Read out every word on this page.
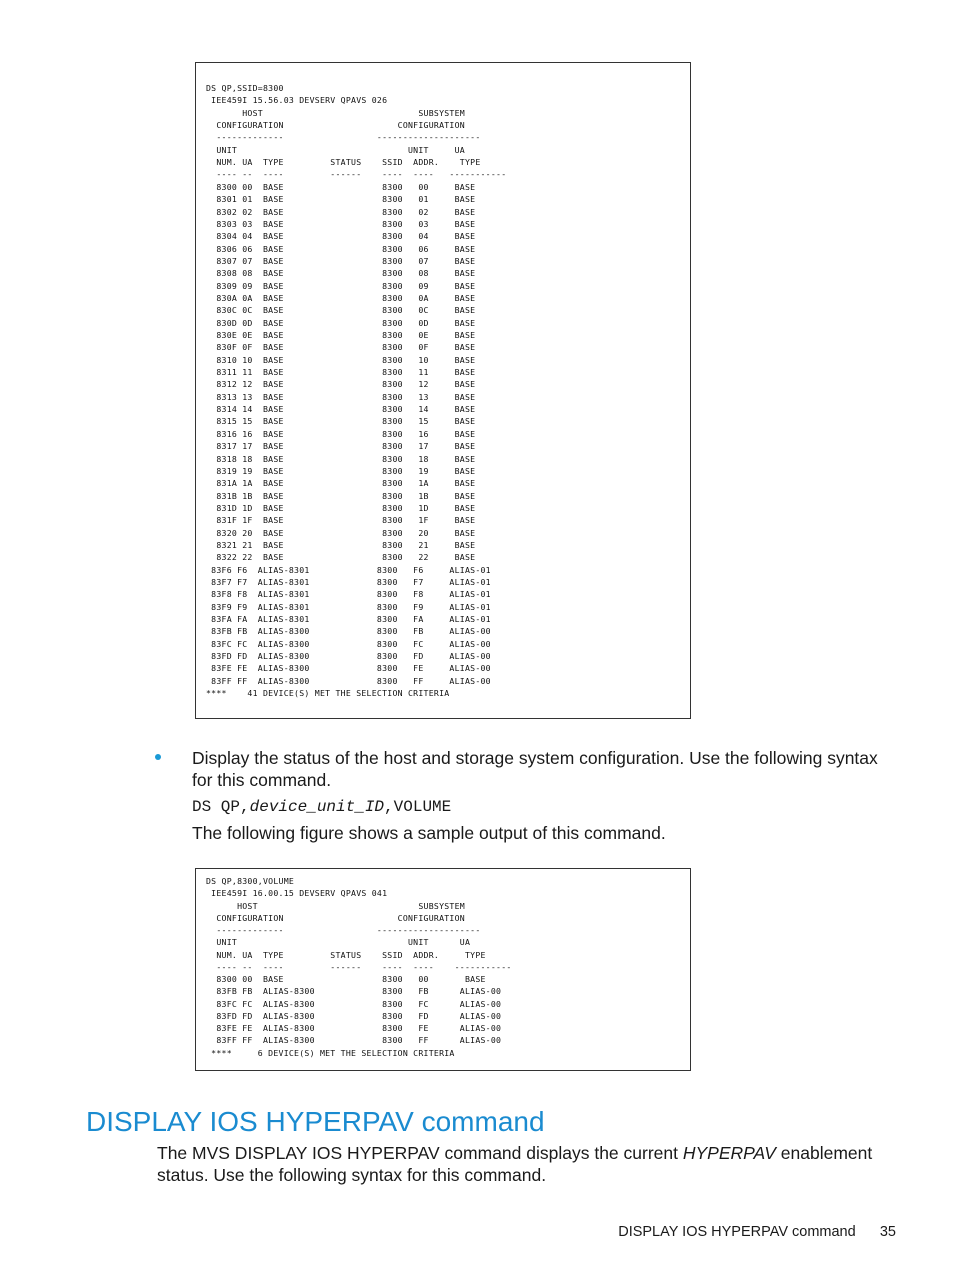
DS QP,SSID=8300
IEE459I 15.56.03 DEVSERV QPAVS 026
HOST                              SUBSYSTEM
CONFIGURATION                      CONFIGURATION
-------------                  --------------------
UNIT                                 UNIT     UA
NUM. UA  TYPE         STATUS    SSID  ADDR.    TYPE
---- --  ----         ------    ----  ----   -----------
8300 00  BASE                   8300   00     BASE
8301 01  BASE                   8300   01     BASE
8302 02  BASE                   8300   02     BASE
8303 03  BASE                   8300   03     BASE
8304 04  BASE                   8300   04     BASE
8306 06  BASE                   8300   06     BASE
8307 07  BASE                   8300   07     BASE
8308 08  BASE                   8300   08     BASE
8309 09  BASE                   8300   09     BASE
830A 0A  BASE                   8300   0A     BASE
830C 0C  BASE                   8300   0C     BASE
830D 0D  BASE                   8300   0D     BASE
830E 0E  BASE                   8300   0E     BASE
830F 0F  BASE                   8300   0F     BASE
8310 10  BASE                   8300   10     BASE
8311 11  BASE                   8300   11     BASE
8312 12  BASE                   8300   12     BASE
8313 13  BASE                   8300   13     BASE
8314 14  BASE                   8300   14     BASE
8315 15  BASE                   8300   15     BASE
8316 16  BASE                   8300   16     BASE
8317 17  BASE                   8300   17     BASE
8318 18  BASE                   8300   18     BASE
8319 19  BASE                   8300   19     BASE
831A 1A  BASE                   8300   1A     BASE
831B 1B  BASE                   8300   1B     BASE
831D 1D  BASE                   8300   1D     BASE
831F 1F  BASE                   8300   1F     BASE
8320 20  BASE                   8300   20     BASE
8321 21  BASE                   8300   21     BASE
8322 22  BASE                   8300   22     BASE
83F6 F6  ALIAS-8301             8300   F6     ALIAS-01
83F7 F7  ALIAS-8301             8300   F7     ALIAS-01
83F8 F8  ALIAS-8301             8300   F8     ALIAS-01
83F9 F9  ALIAS-8301             8300   F9     ALIAS-01
83FA FA  ALIAS-8301             8300   FA     ALIAS-01
83FB FB  ALIAS-8300             8300   FB     ALIAS-00
83FC FC  ALIAS-8300             8300   FC     ALIAS-00
83FD FD  ALIAS-8300             8300   FD     ALIAS-00
83FE FE  ALIAS-8300             8300   FE     ALIAS-00
83FF FF  ALIAS-8300             8300   FF     ALIAS-00
****    41 DEVICE(S) MET THE SELECTION CRITERIA

Display the status of the host and storage system configuration. Use the following syntax for this command.

DS QP,device_unit_ID,VOLUME

The following figure shows a sample output of this command.

DS QP,8300,VOLUME
IEE459I 16.00.15 DEVSERV QPAVS 041
HOST                               SUBSYSTEM
CONFIGURATION                      CONFIGURATION
-------------                  --------------------
UNIT                                 UNIT      UA
NUM. UA  TYPE         STATUS    SSID  ADDR.     TYPE
---- --  ----         ------    ----  ----    -----------
8300 00  BASE                   8300   00       BASE
83FB FB  ALIAS-8300             8300   FB      ALIAS-00
83FC FC  ALIAS-8300             8300   FC      ALIAS-00
83FD FD  ALIAS-8300             8300   FD      ALIAS-00
83FE FE  ALIAS-8300             8300   FE      ALIAS-00
83FF FF  ALIAS-8300             8300   FF      ALIAS-00
****     6 DEVICE(S) MET THE SELECTION CRITERIA
DISPLAY IOS HYPERPAV command

The MVS DISPLAY IOS HYPERPAV command displays the current HYPERPAV enablement status. Use the following syntax for this command.

DISPLAY IOS HYPERPAV command 35
